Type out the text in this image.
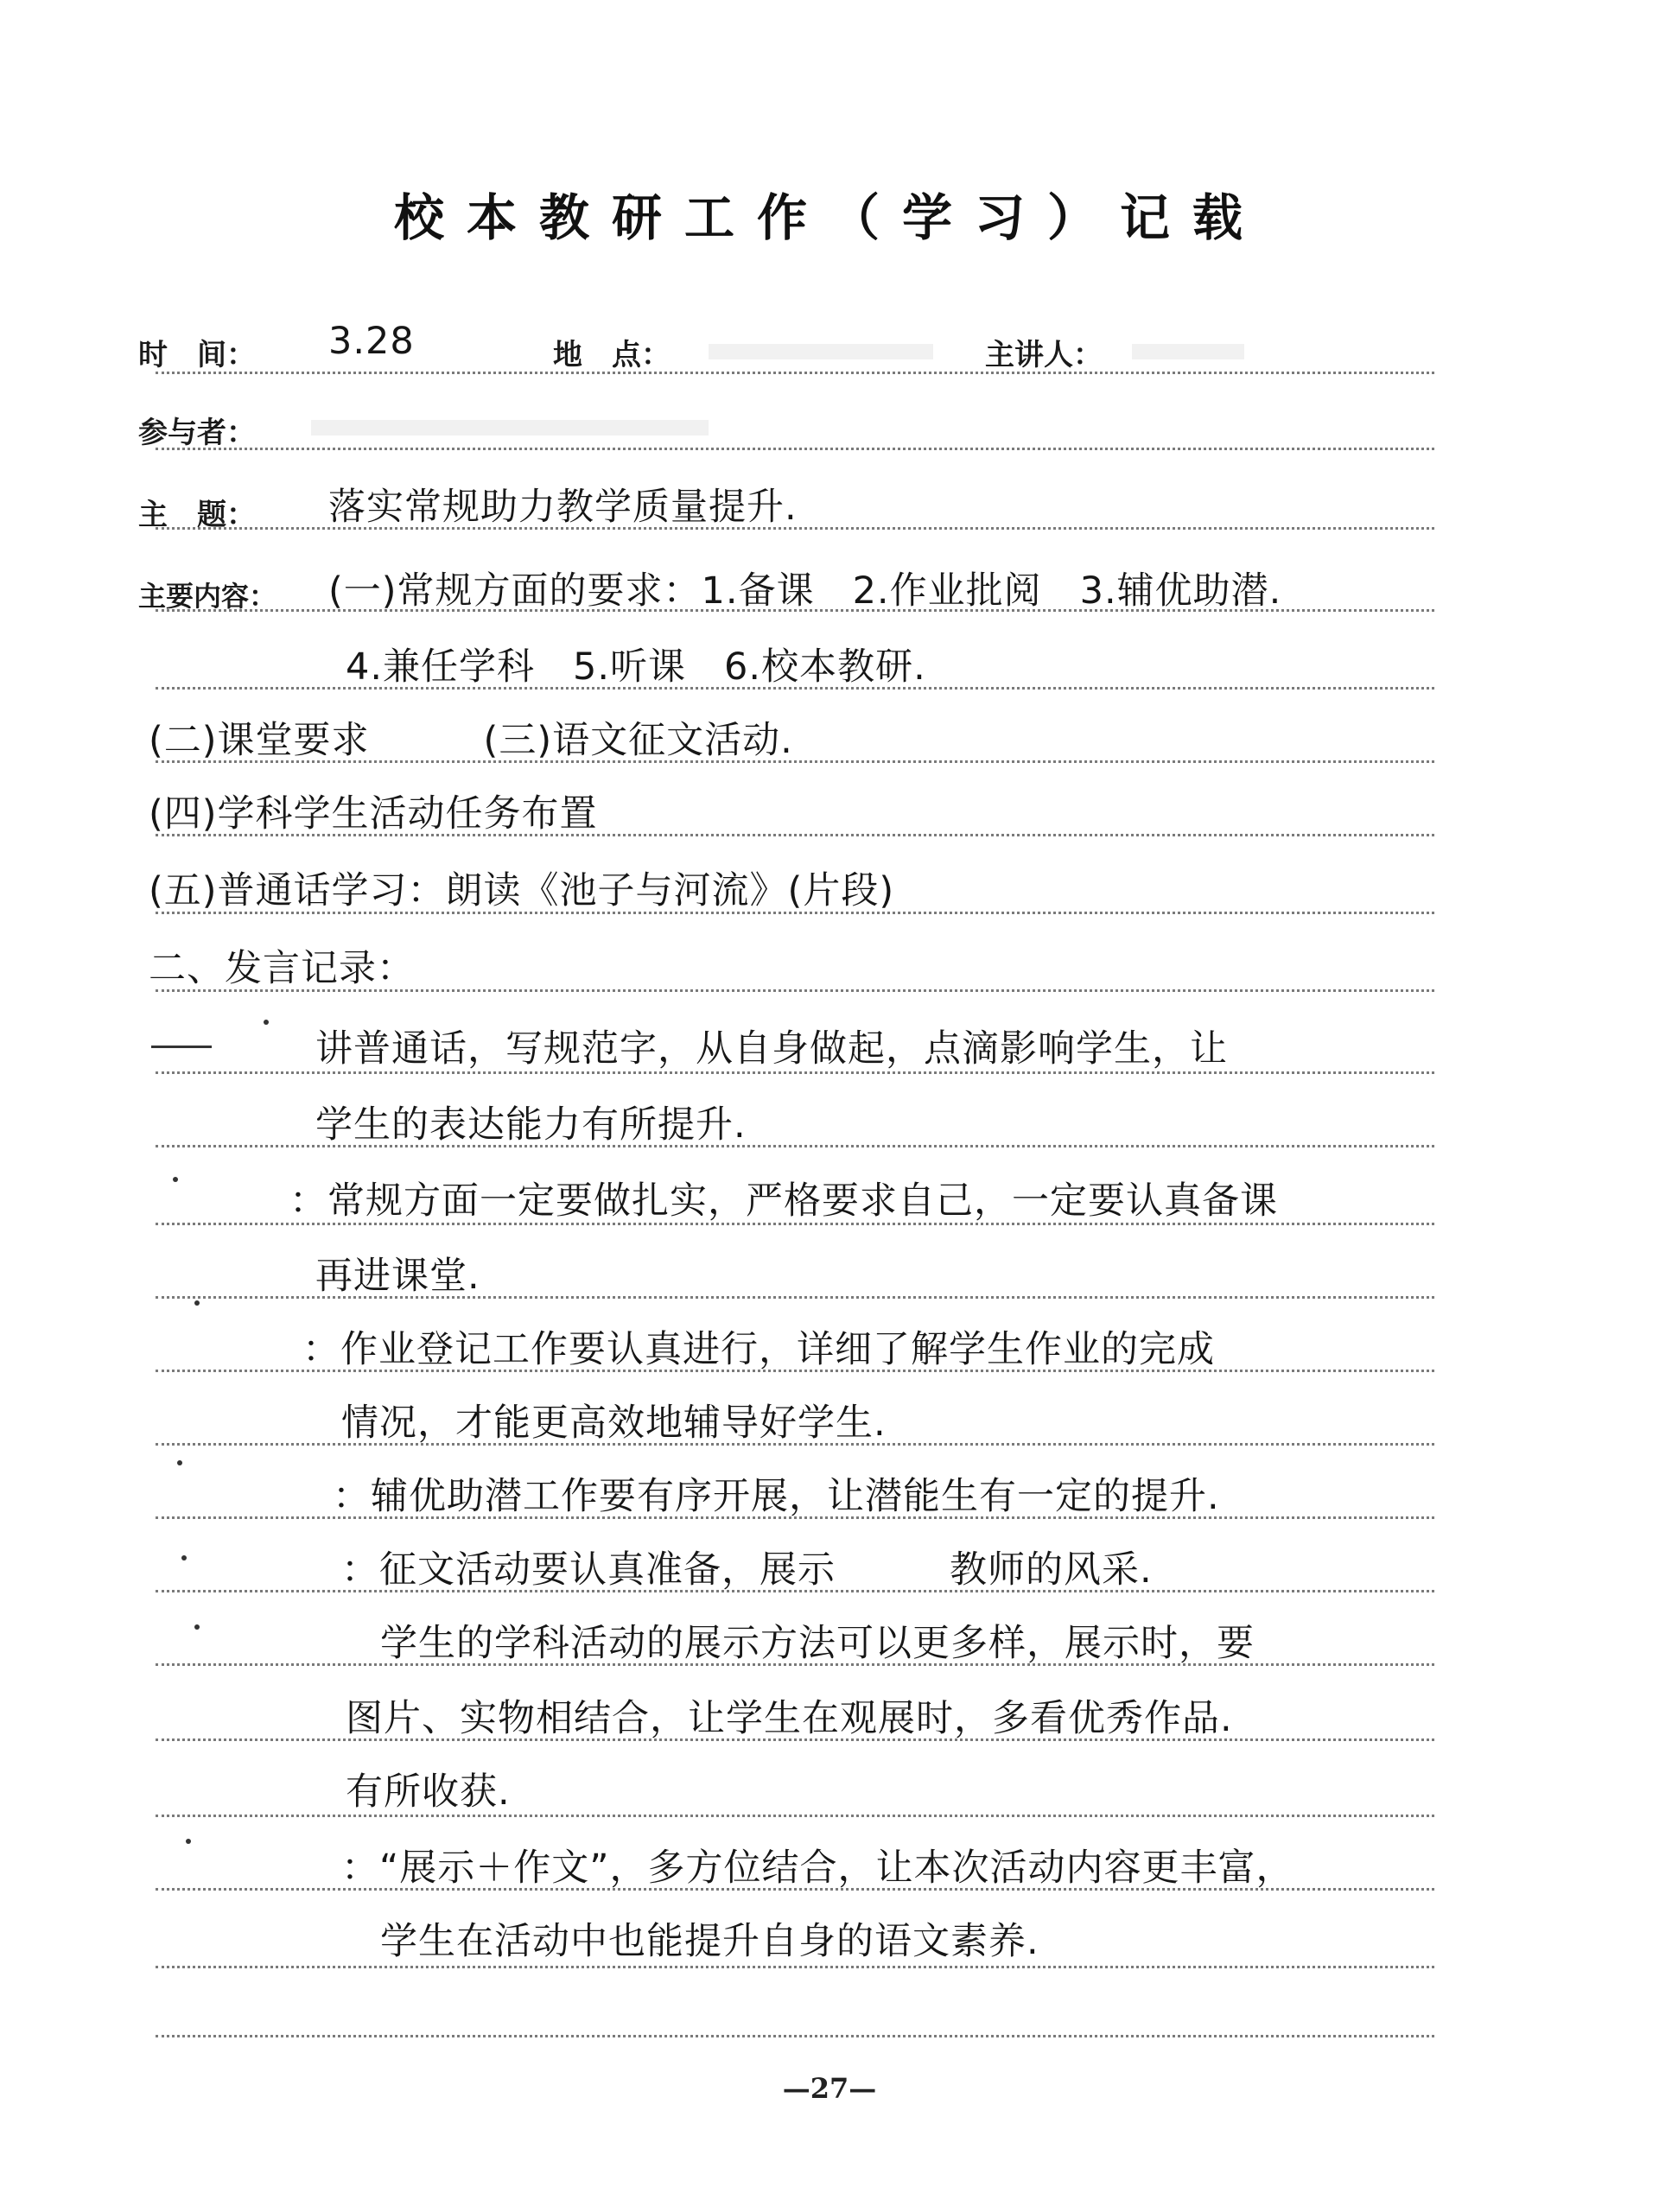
校本教研工作（学习）记载
时　间： 3.28	地　点：	主讲人：
参与者：
主　题： 落实常规助力教学质量提升.
主要内容： (一)常规方面的要求：1.备课　2.作业批阅　3.辅优助潜.
4.兼任学科　5.听课　6.校本教研.
(二)课堂要求　　　(三)语文征文活动.
(四)学科学生活动任务布置
(五)普通话学习：朗读《池子与河流》(片段)
二、发言记录：
讲普通话，写规范字，从自身做起，点滴影响学生，让
学生的表达能力有所提升.
：常规方面一定要做扎实，严格要求自己，一定要认真备课
再进课堂.
：作业登记工作要认真进行，详细了解学生作业的完成
情况，才能更高效地辅导好学生.
：辅优助潜工作要有序开展，让潜能生有一定的提升.
：征文活动要认真准备，展示　　　教师的风采.
学生的学科活动的展示方法可以更多样，展示时，要
图片、实物相结合，让学生在观展时，多看优秀作品.
有所收获.
：“展示＋作文”，多方位结合，让本次活动内容更丰富，
学生在活动中也能提升自身的语文素养.
—27—
